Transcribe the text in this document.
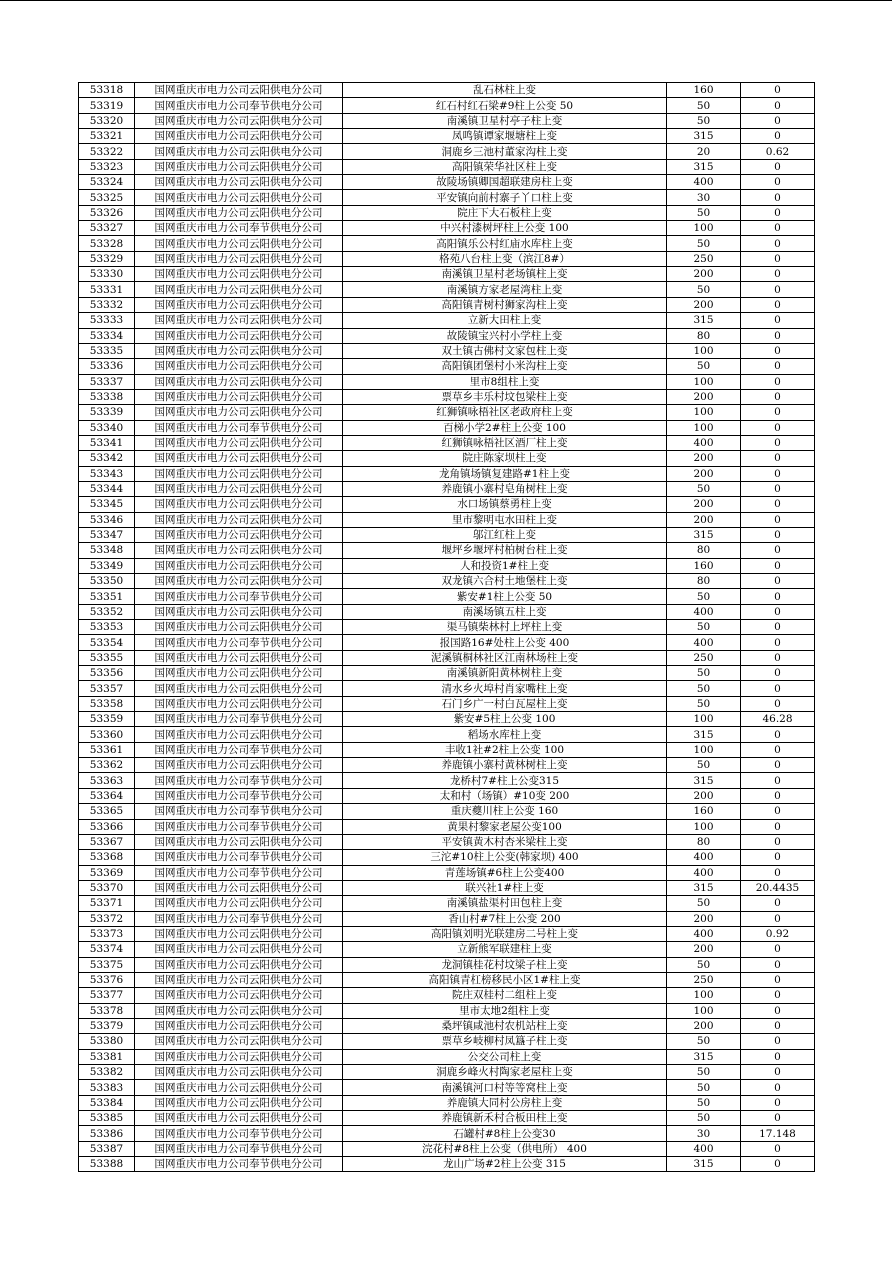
53318	国网重庆市电力公司云阳供电分公司	乱石林柱上变	160	0
53319	国网重庆市电力公司奉节供电分公司	红石村红石梁#9柱上公变 50	50	0
53320	国网重庆市电力公司云阳供电分公司	南溪镇卫星村亭子柱上变	50	0
53321	国网重庆市电力公司云阳供电分公司	凤鸣镇谭家堰塘柱上变	315	0
53322	国网重庆市电力公司云阳供电分公司	洞鹿乡三池村董家沟柱上变	20	0.62
53323	国网重庆市电力公司云阳供电分公司	高阳镇荣华社区柱上变	315	0
53324	国网重庆市电力公司云阳供电分公司	故陵场镇卿国超联建房柱上变	400	0
53325	国网重庆市电力公司云阳供电分公司	平安镇向前村寨子丫口柱上变	30	0
53326	国网重庆市电力公司云阳供电分公司	院庄下大石板柱上变	50	0
53327	国网重庆市电力公司奉节供电分公司	中兴村漆树坪柱上公变 100	100	0
53328	国网重庆市电力公司云阳供电分公司	高阳镇乐公村红庙水库柱上变	50	0
53329	国网重庆市电力公司云阳供电分公司	格苑八台柱上变（滨江8#）	250	0
53330	国网重庆市电力公司云阳供电分公司	南溪镇卫星村老场镇柱上变	200	0
53331	国网重庆市电力公司云阳供电分公司	南溪镇方家老屋湾柱上变	50	0
53332	国网重庆市电力公司云阳供电分公司	高阳镇青树村狮家沟柱上变	200	0
53333	国网重庆市电力公司云阳供电分公司	立新大田柱上变	315	0
53334	国网重庆市电力公司云阳供电分公司	故陵镇宝兴村小学柱上变	80	0
53335	国网重庆市电力公司云阳供电分公司	双土镇古佛村文家包柱上变	100	0
53336	国网重庆市电力公司云阳供电分公司	高阳镇团堡村小米沟柱上变	50	0
53337	国网重庆市电力公司云阳供电分公司	里市8组柱上变	100	0
53338	国网重庆市电力公司云阳供电分公司	票草乡丰乐村坟包梁柱上变	200	0
53339	国网重庆市电力公司云阳供电分公司	红狮镇咏梧社区老政府柱上变	100	0
53340	国网重庆市电力公司奉节供电分公司	百梯小学2#柱上公变 100	100	0
53341	国网重庆市电力公司云阳供电分公司	红狮镇咏梧社区酒厂柱上变	400	0
53342	国网重庆市电力公司云阳供电分公司	院庄陈家坝柱上变	200	0
53343	国网重庆市电力公司云阳供电分公司	龙角镇场镇复建路#1柱上变	200	0
53344	国网重庆市电力公司云阳供电分公司	养鹿镇小寨村皂角树柱上变	50	0
53345	国网重庆市电力公司云阳供电分公司	水口场镇蔡勇柱上变	200	0
53346	国网重庆市电力公司云阳供电分公司	里市黎明屯水田柱上变	200	0
53347	国网重庆市电力公司云阳供电分公司	邬江红柱上变	315	0
53348	国网重庆市电力公司云阳供电分公司	堰坪乡堰坪村柏树台柱上变	80	0
53349	国网重庆市电力公司云阳供电分公司	人和投资1#柱上变	160	0
53350	国网重庆市电力公司云阳供电分公司	双龙镇六合村土地堡柱上变	80	0
53351	国网重庆市电力公司奉节供电分公司	紫安#1柱上公变 50	50	0
53352	国网重庆市电力公司云阳供电分公司	南溪场镇五柱上变	400	0
53353	国网重庆市电力公司云阳供电分公司	渠马镇柴林村上坪柱上变	50	0
53354	国网重庆市电力公司奉节供电分公司	报国路16#处柱上公变 400	400	0
53355	国网重庆市电力公司云阳供电分公司	泥溪镇桐林社区江南林场柱上变	250	0
53356	国网重庆市电力公司云阳供电分公司	南溪镇新阳黄林树柱上变	50	0
53357	国网重庆市电力公司云阳供电分公司	清水乡火埠村肖家嘴柱上变	50	0
53358	国网重庆市电力公司云阳供电分公司	石门乡广一村白瓦屋柱上变	50	0
53359	国网重庆市电力公司奉节供电分公司	紫安#5柱上公变 100	100	46.28
53360	国网重庆市电力公司云阳供电分公司	稻场水库柱上变	315	0
53361	国网重庆市电力公司奉节供电分公司	丰收1社#2柱上公变 100	100	0
53362	国网重庆市电力公司云阳供电分公司	养鹿镇小寨村黄林树柱上变	50	0
53363	国网重庆市电力公司奉节供电分公司	龙桥村7#柱上公变315	315	0
53364	国网重庆市电力公司奉节供电分公司	太和村（场镇）#10变 200	200	0
53365	国网重庆市电力公司奉节供电分公司	重庆夔川柱上公变 160	160	0
53366	国网重庆市电力公司奉节供电分公司	黄果村黎家老屋公变100	100	0
53367	国网重庆市电力公司云阳供电分公司	平安镇黄木村杏米梁柱上变	80	0
53368	国网重庆市电力公司奉节供电分公司	三沱#10柱上公变(韩家坝) 400	400	0
53369	国网重庆市电力公司奉节供电分公司	青莲场镇#6柱上公变400	400	0
53370	国网重庆市电力公司云阳供电分公司	联兴社1#柱上变	315	20.4435
53371	国网重庆市电力公司云阳供电分公司	南溪镇盐渠村田包柱上变	50	0
53372	国网重庆市电力公司奉节供电分公司	香山村#7柱上公变 200	200	0
53373	国网重庆市电力公司云阳供电分公司	高阳镇刘明光联建房二号柱上变	400	0.92
53374	国网重庆市电力公司云阳供电分公司	立新熊军联建柱上变	200	0
53375	国网重庆市电力公司云阳供电分公司	龙洞镇桂花村坟梁子柱上变	50	0
53376	国网重庆市电力公司云阳供电分公司	高阳镇青杠榜移民小区1#柱上变	250	0
53377	国网重庆市电力公司云阳供电分公司	院庄双桂村二组柱上变	100	0
53378	国网重庆市电力公司云阳供电分公司	里市太地2组柱上变	100	0
53379	国网重庆市电力公司云阳供电分公司	桑坪镇咸池村农机站柱上变	200	0
53380	国网重庆市电力公司云阳供电分公司	票草乡岐柳村凤簋子柱上变	50	0
53381	国网重庆市电力公司云阳供电分公司	公交公司柱上变	315	0
53382	国网重庆市电力公司云阳供电分公司	洞鹿乡峰火村陶家老屋柱上变	50	0
53383	国网重庆市电力公司云阳供电分公司	南溪镇河口村等等窝柱上变	50	0
53384	国网重庆市电力公司云阳供电分公司	养鹿镇大同村公房柱上变	50	0
53385	国网重庆市电力公司云阳供电分公司	养鹿镇新禾村合板田柱上变	50	0
53386	国网重庆市电力公司奉节供电分公司	石罐村#8柱上公变30	30	17.148
53387	国网重庆市电力公司奉节供电分公司	浣花村#8柱上公变（供电所） 400	400	0
53388	国网重庆市电力公司奉节供电分公司	龙山广场#2柱上公变 315	315	0
